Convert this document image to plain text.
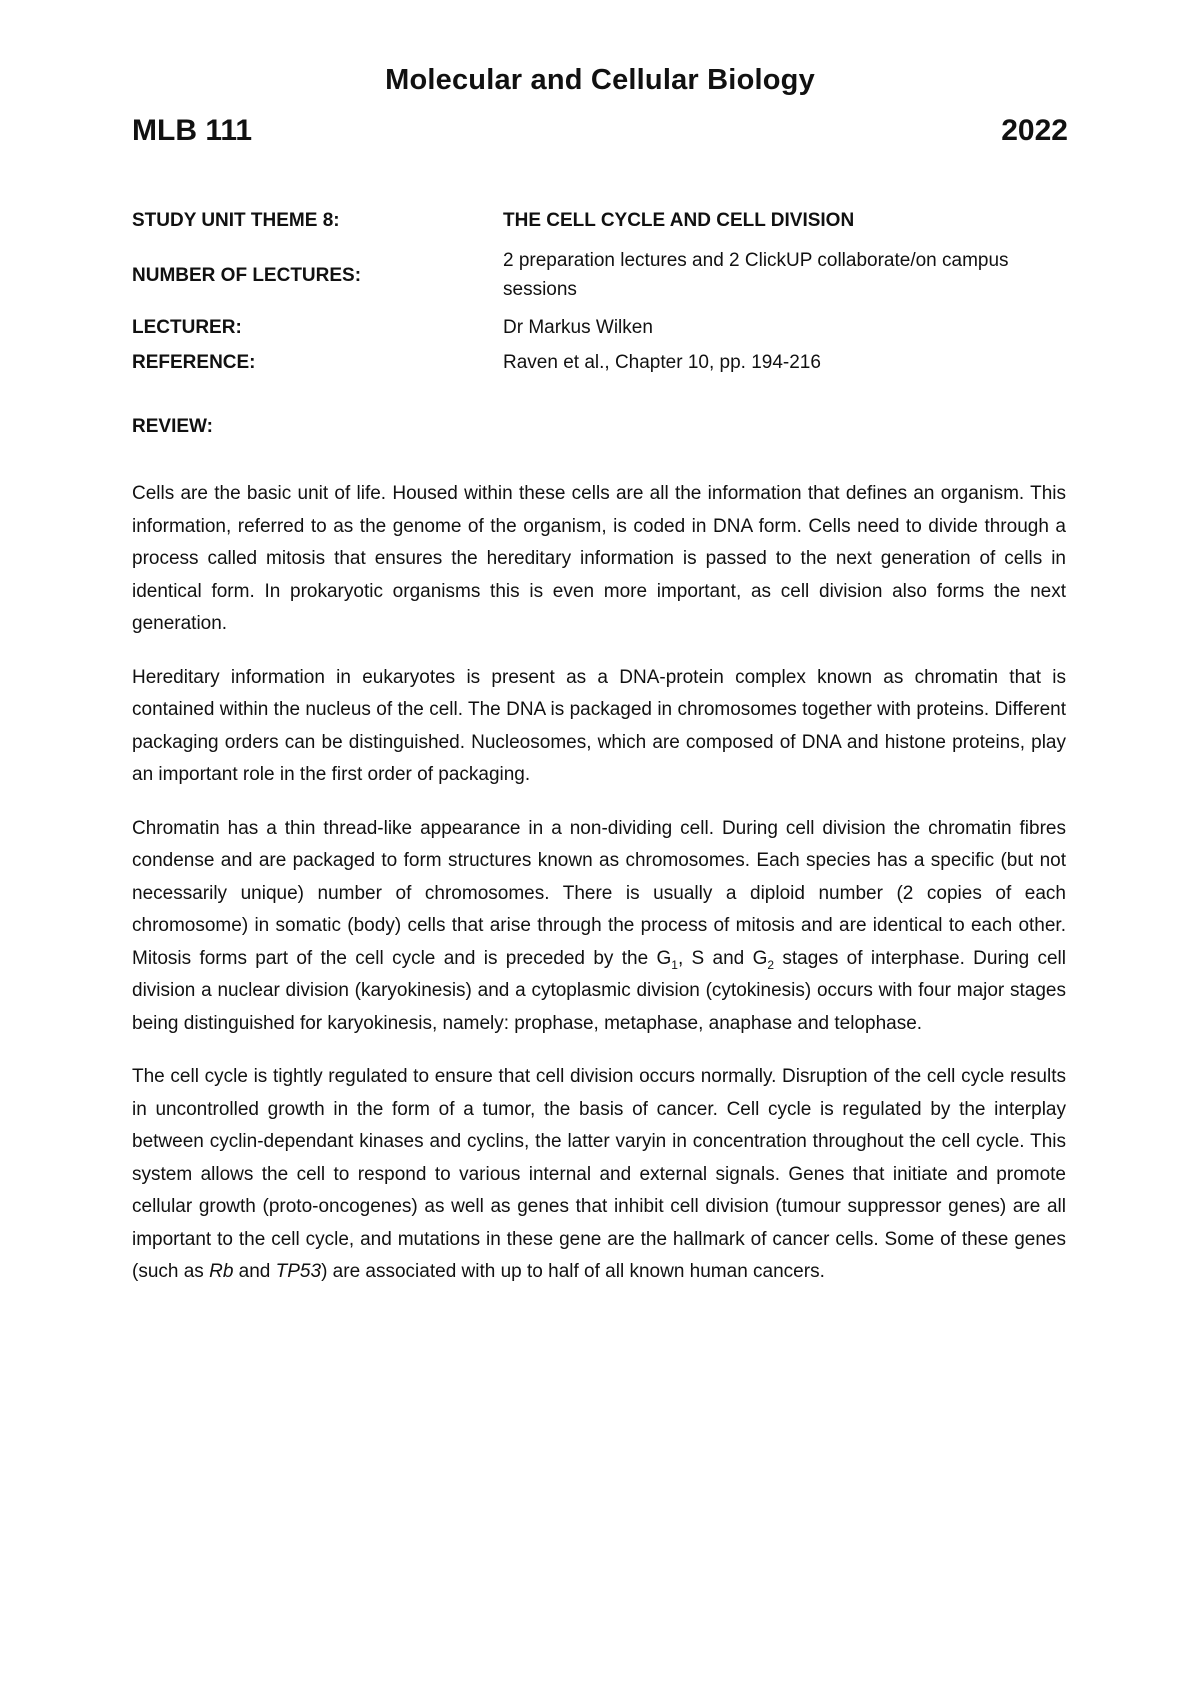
Molecular and Cellular Biology
MLB 111	2022
STUDY UNIT THEME 8:	THE CELL CYCLE AND CELL DIVISION
NUMBER OF LECTURES:
2 preparation lectures and 2 ClickUP collaborate/on campus sessions
LECTURER:	Dr Markus Wilken
REFERENCE:	Raven et al., Chapter 10, pp. 194-216
REVIEW:

Cells are the basic unit of life. Housed within these cells are all the information that defines an organism. This information, referred to as the genome of the organism, is coded in DNA form. Cells need to divide through a process called mitosis that ensures the hereditary information is passed to the next generation of cells in identical form. In prokaryotic organisms this is even more important, as cell division also forms the next generation.

Hereditary information in eukaryotes is present as a DNA-protein complex known as chromatin that is contained within the nucleus of the cell. The DNA is packaged in chromosomes together with proteins. Different packaging orders can be distinguished. Nucleosomes, which are composed of DNA and histone proteins, play an important role in the first order of packaging.

Chromatin has a thin thread-like appearance in a non-dividing cell. During cell division the chromatin fibres condense and are packaged to form structures known as chromosomes. Each species has a specific (but not necessarily unique) number of chromosomes. There is usually a diploid number (2 copies of each chromosome) in somatic (body) cells that arise through the process of mitosis and are identical to each other. Mitosis forms part of the cell cycle and is preceded by the $G_1$, S and $G_2$ stages of interphase. During cell division a nuclear division (karyokinesis) and a cytoplasmic division (cytokinesis) occurs with four major stages being distinguished for karyokinesis, namely: prophase, metaphase, anaphase and telophase.

The cell cycle is tightly regulated to ensure that cell division occurs normally. Disruption of the cell cycle results in uncontrolled growth in the form of a tumor, the basis of cancer. Cell cycle is regulated by the interplay between cyclin-dependant kinases and cyclins, the latter varyin in concentration throughout the cell cycle. This system allows the cell to respond to various internal and external signals. Genes that initiate and promote cellular growth (proto-oncogenes) as well as genes that inhibit cell division (tumour suppressor genes) are all important to the cell cycle, and mutations in these gene are the hallmark of cancer cells. Some of these genes (such as Rb and TP53) are associated with up to half of all known human cancers.
